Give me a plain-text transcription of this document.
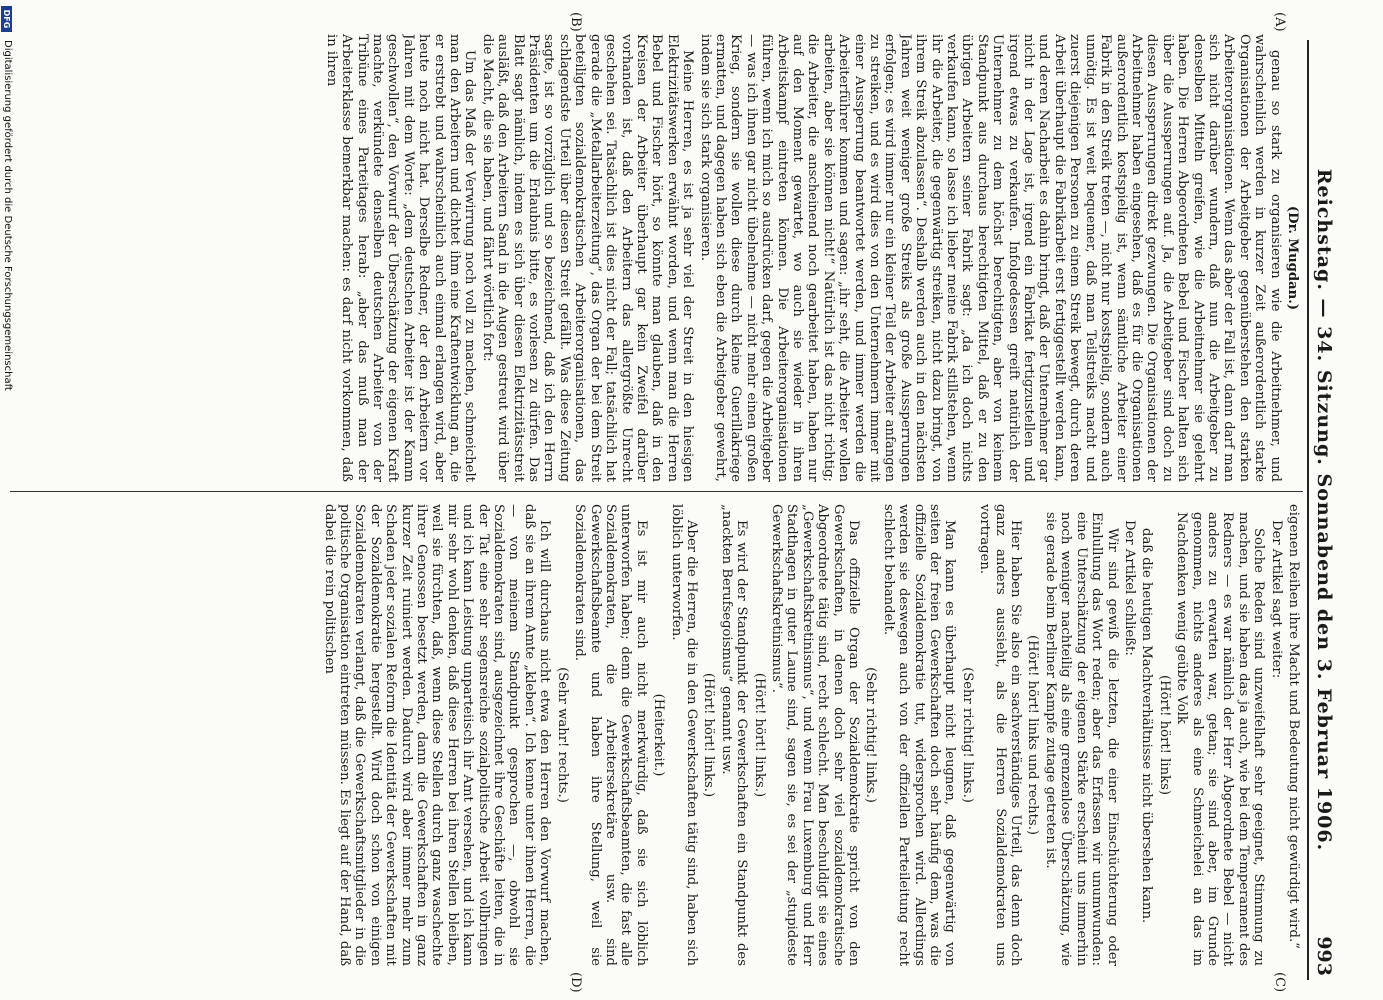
Reichstag. — 34. Sitzung. Sonnabend den 3. Februar 1906.
993
(A)
(B)
(C)
(D)

(Dr. Mugdan.)

genau so stark zu organisieren wie die Arbeitnehmer, und wahrscheinlich werden in kurzer Zeit außerordentlich starke Organisationen der Arbeitgeber gegenüberstehen den starken Arbeiterorganisationen. Wenn das aber der Fall ist, dann darf man sich nicht darüber wundern, daß nun die Arbeitgeber zu denselben Mitteln greifen, wie die Arbeitnehmer sie gelehrt haben. Die Herren Abgeordneten Bebel und Fischer halten sich über die Aussperrungen auf. Ja, die Arbeitgeber sind doch zu diesen Aussperrungen direkt gezwungen. Die Organisationen der Arbeitnehmer haben eingesehen, daß es für die Organisationen außerordentlich kostspielig ist, wenn sämtliche Arbeiter einer Fabrik in den Streik treten —, nicht nur kostspielig, sondern auch unnötig. Es ist weit bequemer, daß man Teilstreiks macht und zuerst diejenigen Personen zu einem Streik bewegt, durch deren Arbeit überhaupt die Fabrikarbeit erst fertiggestellt werden kann, und deren Nacharbeit es dahin bringt, daß der Unternehmer gar nicht in der Lage ist, irgend ein Fabrikat fertigzustellen und irgend etwas zu verkaufen. Infolgedessen greift natürlich der Unternehmer zu dem höchst berechtigten, aber von keinem Standpunkt aus durchaus berechtigten Mittel, daß er zu den übrigen Arbeitern seiner Fabrik sagt: „da ich doch nichts verkaufen kann, so lasse ich lieber meine Fabrik stillstehen, wenn ihr die Arbeiter, die gegenwärtig streiken, nicht dazu bringt, von ihrem Streik abzulassen“. Deshalb werden auch in den nächsten Jahren weit weniger große Streiks als große Aussperrungen erfolgen; es wird immer nur ein kleiner Teil der Arbeiter anfangen zu streiken, und es wird dies von den Unternehmern immer mit einer Aussperrung beantwortet werden, und immer werden die Arbeiterführer kommen und sagen: „ihr seht, die Arbeiter wollen arbeiten, aber sie können nicht!“ Natürlich ist das nicht richtig; die Arbeiter, die anscheinend noch gearbeitet haben, haben nur auf den Moment gewartet, wo auch sie wieder in ihren Arbeitskampf eintreten können. Die Arbeiterorganisationen führen, wenn ich mich so ausdrücken darf, gegen die Arbeitgeber — was ich ihnen gar nicht übelnehme — nicht mehr einen großen Krieg, sondern sie wollen diese durch kleine Guerillakriege ermatten, und dagegen haben sich eben die Arbeitgeber gewehrt, indem sie sich stark organisieren.

Meine Herren, es ist ja sehr viel der Streit in den hiesigen Elektrizitätswerken erwähnt worden, und wenn man die Herren Bebel und Fischer hört, so könnte man glauben, daß in den Kreisen der Arbeiter überhaupt gar kein Zweifel darüber vorhanden ist, daß den Arbeitern das allergrößte Unrecht geschehen sei. Tatsächlich ist dies nicht der Fall; tatsächlich hat gerade die „Metallarbeiterzeitung“, das Organ der bei dem Streit beteiligten sozialdemokratischen Arbeiterorganisationen, das schlagendste Urteil über diesen Streit gefällt. Was diese Zeitung sagte, ist so vorzüglich und so bezeichnend, daß ich den Herrn Präsidenten um die Erlaubnis bitte, es vorlesen zu dürfen. Das Blatt sagt nämlich, indem es sich über diesen Elektrizitätsstreit ausläßt, daß den Arbeitern Sand in die Augen gestreut wird über die Macht, die sie haben, und fährt wörtlich fort:

Um das Maß der Verwirrung noch voll zu machen, schmeichelt man den Arbeitern und dichtet ihm eine Kraftentwicklung an, die er erstrebt und wahrscheinlich auch einmal erlangen wird, aber heute noch nicht hat. Derselbe Redner, der den Arbeitern vor Jahren mit dem Worte: „dem deutschen Arbeiter ist der Kamm geschwollen“, den Vorwurf der Überschätzung der eigenen Kraft machte, verkündete denselben deutschen Arbeiter von der Tribüne eines Parteitages herab: „aber das muß man der Arbeiterklasse bemerkbar machen: es darf nicht vorkommen, daß in ihren

eigenen Reihen ihre Macht und Bedeutung nicht gewürdigt wird.“

Der Artikel sagt weiter:

Solche Reden sind unzweifelhaft sehr geeignet, Stimmung zu machen, und sie haben das ja auch, wie bei dem Temperament des Redners — es war nämlich der Herr Abgeordnete Bebel — nicht anders zu erwarten war, getan; sie sind aber, im Grunde genommen, nichts anderes als eine Schmeichelei an das im Nachdenken wenig geübte Volk

(Hört! hört! links)

daß die heutigen Machtverhältnisse nicht übersehen kann.

Der Artikel schließt:

Wir sind gewiß die letzten, die einer Einschüchterung oder Einlullung das Wort reden; aber das Erfassen wir unumwunden: eine Unterschätzung der eigenen Stärke erscheint uns immerhin noch weniger nachteilig als eine grenzenlose Überschätzung, wie sie gerade beim Berliner Kampfe zutage getreten ist.

(Hört! hört! links und rechts.)

Hier haben Sie also ein sachverständiges Urteil, das denn doch ganz anders aussieht, als die Herren Sozialdemokraten uns vortragen.

(Sehr richtig! links.)

Man kann es überhaupt nicht leugnen, daß gegenwärtig von seiten der freien Gewerkschaften doch sehr häufig dem, was die offizielle Sozialdemokratie tut, widersprochen wird. Allerdings werden sie deswegen auch von der offiziellen Parteileitung recht schlecht behandelt.

(Sehr richtig! links.)

Das offizielle Organ der Sozialdemokratie spricht von den Gewerkschaften, in denen doch sehr viel sozialdemokratische Abgeordnete tätig sind, recht schlecht. Man beschuldigt sie eines „Gewerkschaftskretinismus“, und wenn Frau Luxemburg und Herr Stadthagen in guter Laune sind, sagen sie, es sei der „stupideste Gewerkschaftskretinismus“.

(Hört! hört! links.)

Es wird der Standpunkt der Gewerkschaften ein Standpunkt des „nackten Berufsegoismus“ genannt usw.

(Hört! hört! links.)

Aber die Herren, die in den Gewerkschaften tätig sind, haben sich löblich unterworfen.

(Heiterkeit.)

Es ist mir auch nicht merkwürdig, daß sie sich löblich unterworfen haben; denn die Gewerkschaftsbeamten, die fast alle Sozialdemokraten, die Arbeitersekretäre usw. sind Gewerkschaftsbeamte und haben ihre Stellung, weil sie Sozialdemokraten sind.

(Sehr wahr! rechts.)

Ich will durchaus nicht etwa den Herren den Vorwurf machen, daß sie an ihrem Amte „kleben“. Ich kenne unter ihnen Herren, die — von meinem Standpunkt gesprochen —, obwohl sie Sozialdemokraten sind, ausgezeichnet ihre Geschäfte leiten, die in der Tat eine sehr segensreiche sozialpolitische Arbeit vollbringen und ich kann Leistung unparteiisch ihr Amt versehen, und ich kann mir sehr wohl denken, daß diese Herren bei ihren Stellen bleiben, weil sie fürchten, daß, wenn diese Stellen durch ganz waschechte ihrer Genossen besetzt werden, dann die Gewerkschaften in ganz kurzer Zeit ruiniert werden. Dadurch wird aber immer mehr zum Schaden jeder sozialen Reform die Identität der Gewerkschaften mit der Sozialdemokratie hergestellt. Wird doch schon von einigen Sozialdemokraten verlangt, daß die Gewerkschaftsmitglieder in die politische Organisation eintreten müssen. Es liegt auf der Hand, daß dabei die rein politischen

DFG
Digitalisierung gefördert durch die Deutsche Forschungsgemeinschaft
